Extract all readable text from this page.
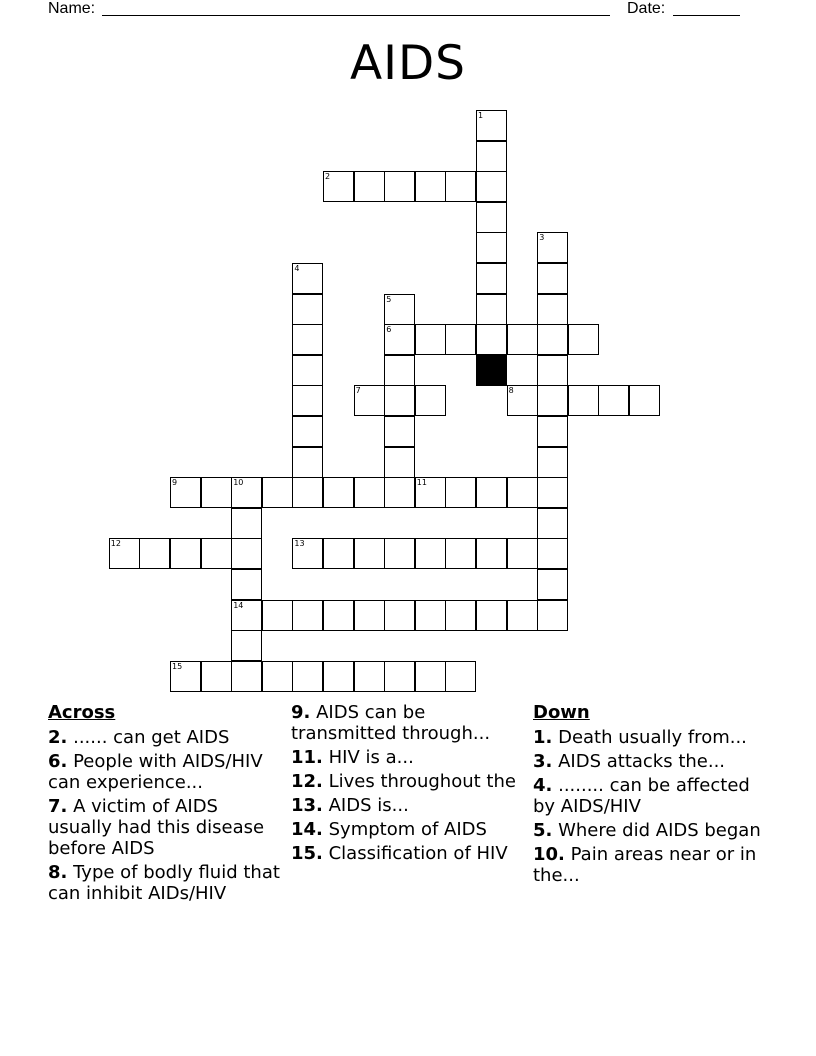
Name:	Date:
AIDS
1
2
3
4
5
6
7	8
9	10
14
11
12	13
15
Across
2. ...... can get AIDS
6. People with AIDS/HIV can experience...
7. A victim of AIDS usually had this disease before AIDS
8. Type of bodly fluid that can inhibit AIDs/HIV
9. AIDS can be transmitted through...
11. HIV is a...
12. Lives throughout the
13. AIDS is...
14. Symptom of AIDS
15. Classification of HIV
Down
1. Death usually from...
3. AIDS attacks the...
4. ........ can be affected by AIDS/HIV
5. Where did AIDS began
10. Pain areas near or in the...
